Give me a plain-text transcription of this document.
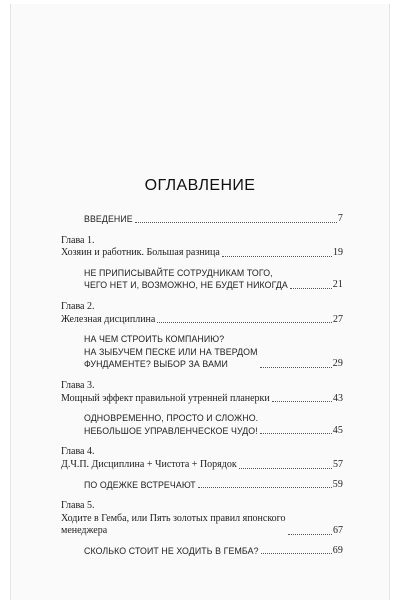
ОГЛАВЛЕНИЕ
ВВЕДЕНИЕ	7
Глава 1.
Хозяин и работник. Большая разница	19
НЕ ПРИПИСЫВАЙТЕ СОТРУДНИКАМ ТОГО,
ЧЕГО НЕТ И, ВОЗМОЖНО, НЕ БУДЕТ НИКОГДА	21
Глава 2.
Железная дисциплина	27
НА ЧЕМ СТРОИТЬ КОМПАНИЮ?
НА ЗЫБУЧЕМ ПЕСКЕ ИЛИ НА ТВЕРДОМ
ФУНДАМЕНТЕ? ВЫБОР ЗА ВАМИ	29
Глава 3.
Мощный эффект правильной утренней планерки	43
ОДНОВРЕМЕННО, ПРОСТО И СЛОЖНО.
НЕБОЛЬШОЕ УПРАВЛЕНЧЕСКОЕ ЧУДО!	45
Глава 4.
Д.Ч.П. Дисциплина + Чистота + Порядок	57
ПО ОДЕЖКЕ ВСТРЕЧАЮТ	59
Глава 5.
Ходите в Гемба, или Пять золотых правил японского
менеджера	67
СКОЛЬКО СТОИТ НЕ ХОДИТЬ В ГЕМБА?	69
